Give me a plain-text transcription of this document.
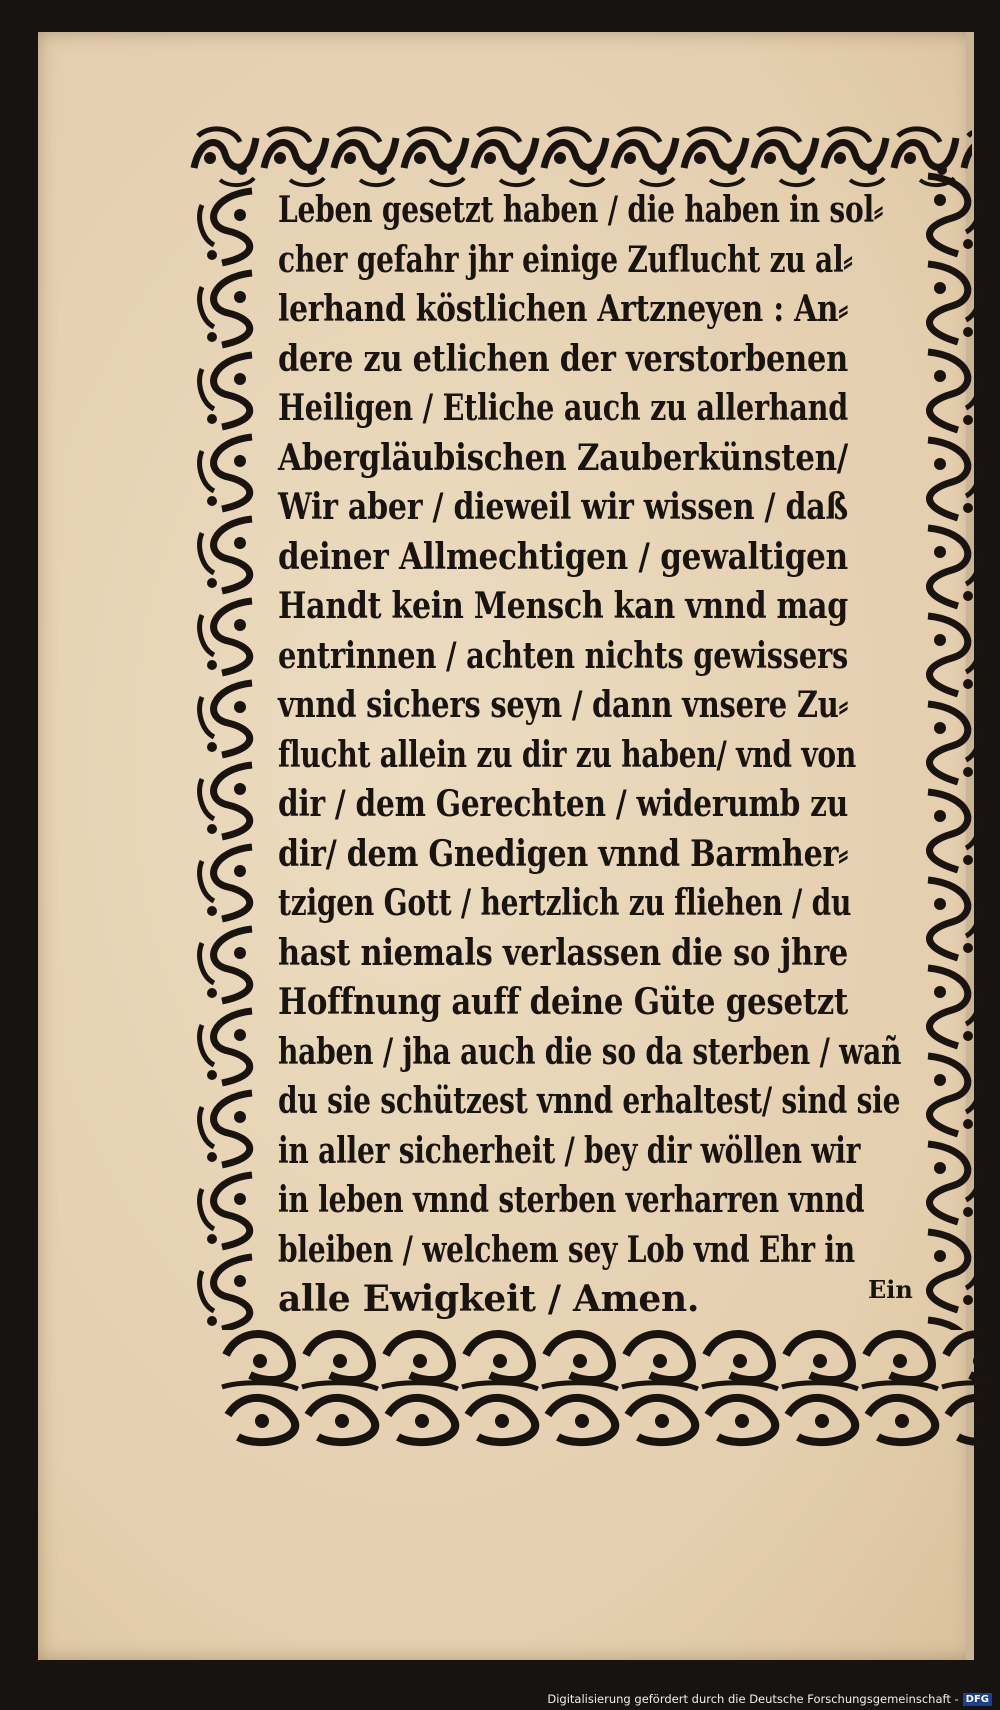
Leben gesetzt haben / die haben in sol⸗
cher gefahr jhr einige Zuflucht zu al⸗
lerhand köstlichen Artzneyen : An⸗
dere zu etlichen der verstorbenen
Heiligen / Etliche auch zu allerhand
Abergläubischen Zauberkünsten/
Wir aber / dieweil wir wissen / daß
deiner Allmechtigen / gewaltigen
Handt kein Mensch kan vnnd mag
entrinnen / achten nichts gewissers
vnnd sichers seyn / dann vnsere Zu⸗
flucht allein zu dir zu haben/ vnd von
dir / dem Gerechten / widerumb zu
dir/ dem Gnedigen vnnd Barmher⸗
tzigen Gott / hertzlich zu fliehen / du
hast niemals verlassen die so jhre
Hoffnung auff deine Güte gesetzt
haben / jha auch die so da sterben / wañ
du sie schützest vnnd erhaltest/ sind sie
in aller sicherheit / bey dir wöllen wir
in leben vnnd sterben verharren vnnd
bleiben / welchem sey Lob vnd Ehr in
alle Ewigkeit / Amen.	Ein
Digitalisierung gefördert durch die Deutsche Forschungsgemeinschaft - DFG
